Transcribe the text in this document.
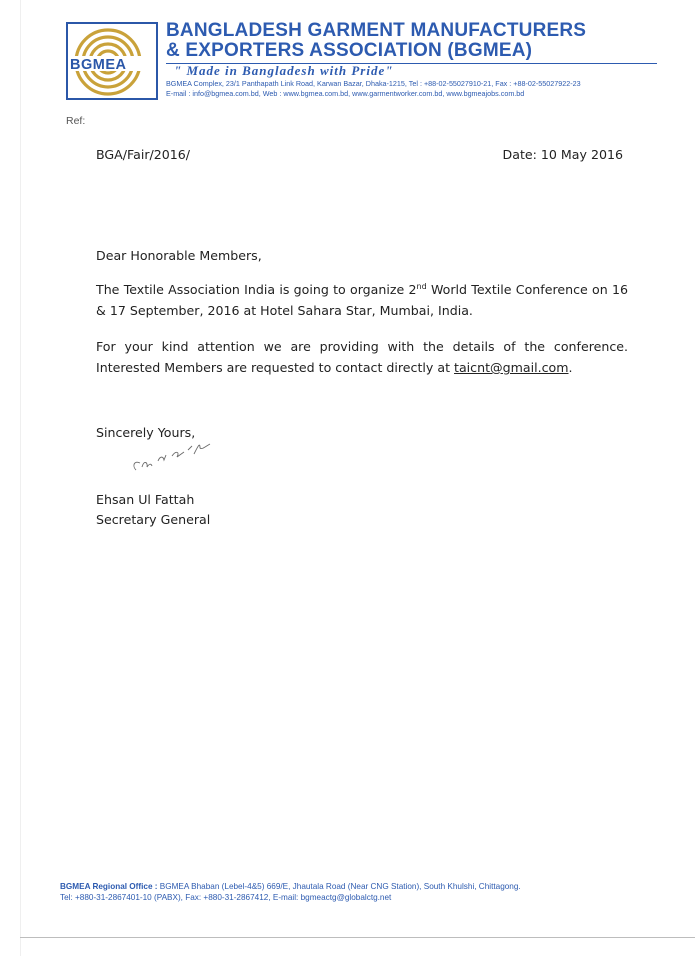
BGMEA
BANGLADESH GARMENT MANUFACTURERS
& EXPORTERS ASSOCIATION (BGMEA)
" Made in Bangladesh with Pride"
BGMEA Complex, 23/1 Panthapath Link Road, Karwan Bazar, Dhaka-1215, Tel : +88-02-55027910-21, Fax : +88-02-55027922-23
E-mail : info@bgmea.com.bd, Web : www.bgmea.com.bd, www.garmentworker.com.bd, www.bgmeajobs.com.bd
Ref:
BGA/Fair/2016/	Date: 10 May 2016
Dear Honorable Members,
The Textile Association India is going to organize 2nd World Textile Conference on 16 & 17 September, 2016 at Hotel Sahara Star, Mumbai, India.
For your kind attention we are providing with the details of the conference. Interested Members are requested to contact directly at taicnt@gmail.com.
Sincerely Yours,
Ehsan Ul Fattah
Secretary General
BGMEA Regional Office : BGMEA Bhaban (Lebel-4&5) 669/E, Jhautala Road (Near CNG Station), South Khulshi, Chittagong.
Tel: +880-31-2867401-10 (PABX), Fax: +880-31-2867412, E-mail: bgmeactg@globalctg.net
